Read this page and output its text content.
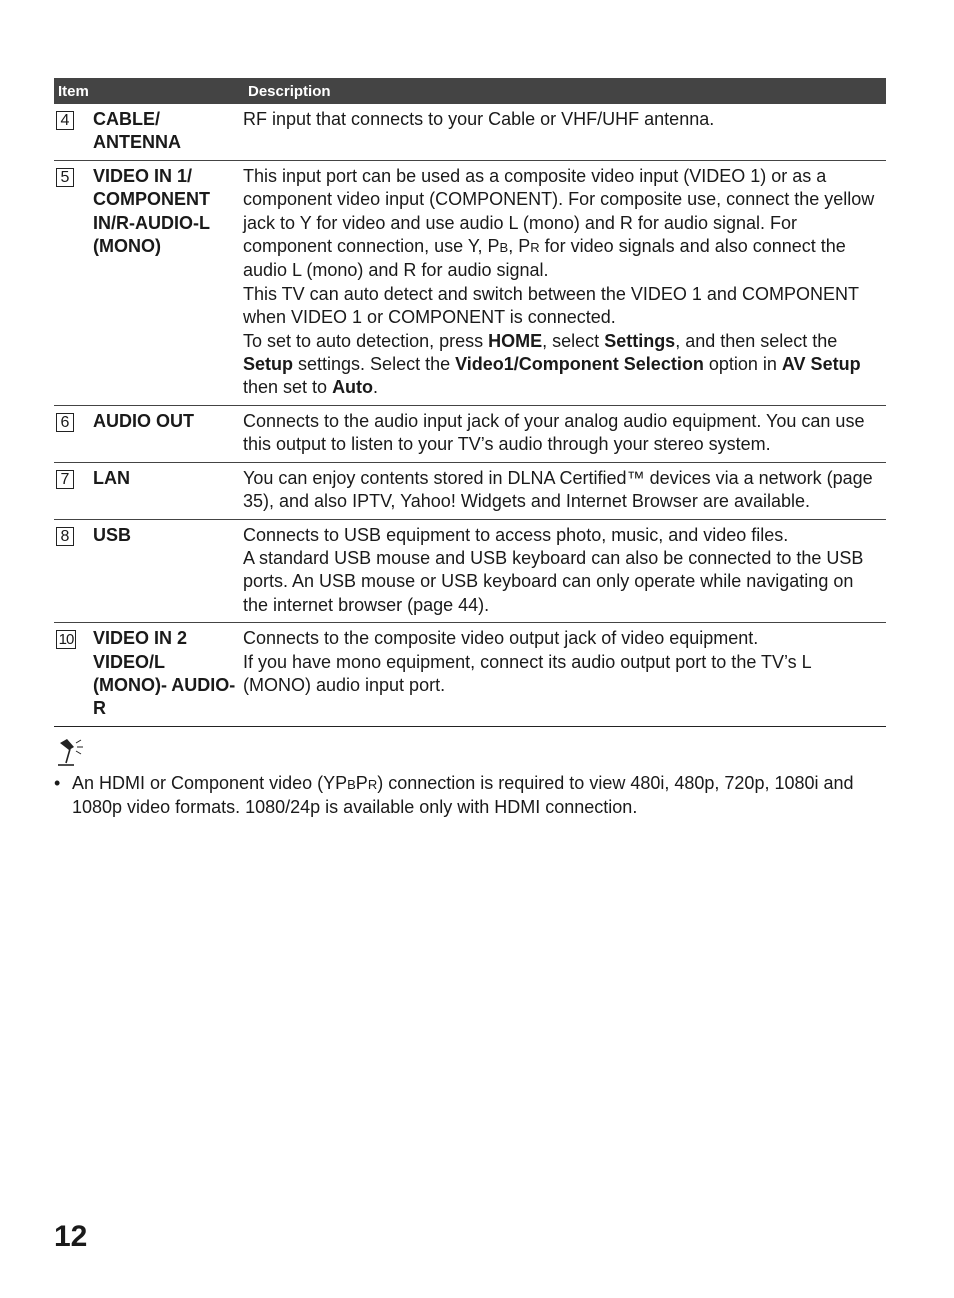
Item		Description
4	CABLE/ ANTENNA	RF input that connects to your Cable or VHF/UHF antenna.
5	VIDEO IN 1/ COMPONENT IN/R-AUDIO-L (MONO)	This input port can be used as a composite video input (VIDEO 1) or as a component video input (COMPONENT). For composite use, connect the yellow jack to Y for video and use audio L (mono) and R for audio signal. For component connection, use Y, PB, PR for video signals and also connect the audio L (mono) and R for audio signal.
This TV can auto detect and switch between the VIDEO 1 and COMPONENT when VIDEO 1 or COMPONENT is connected.
To set to auto detection, press HOME, select Settings, and then select the Setup settings. Select the Video1/Component Selection option in AV Setup then set to Auto.

6	AUDIO OUT	Connects to the audio input jack of your analog audio equipment. You can use this output to listen to your TV’s audio through your stereo system.
7	LAN	You can enjoy contents stored in DLNA Certified™ devices via a network (page 35), and also IPTV, Yahoo! Widgets and Internet Browser are available.
8	USB	Connects to USB equipment to access photo, music, and video files.
A standard USB mouse and USB keyboard can also be connected to the USB ports. An USB mouse or USB keyboard can only operate while navigating on the internet browser (page 44).

10	VIDEO IN 2 VIDEO/L (MONO)- AUDIO-R	Connects to the composite video output jack of video equipment.
If you have mono equipment, connect its audio output port to the TV’s L (MONO) audio input port.
• An HDMI or Component video (YPBPR) connection is required to view 480i, 480p, 720p, 1080i and 1080p video formats. 1080/24p is available only with HDMI connection.
12
